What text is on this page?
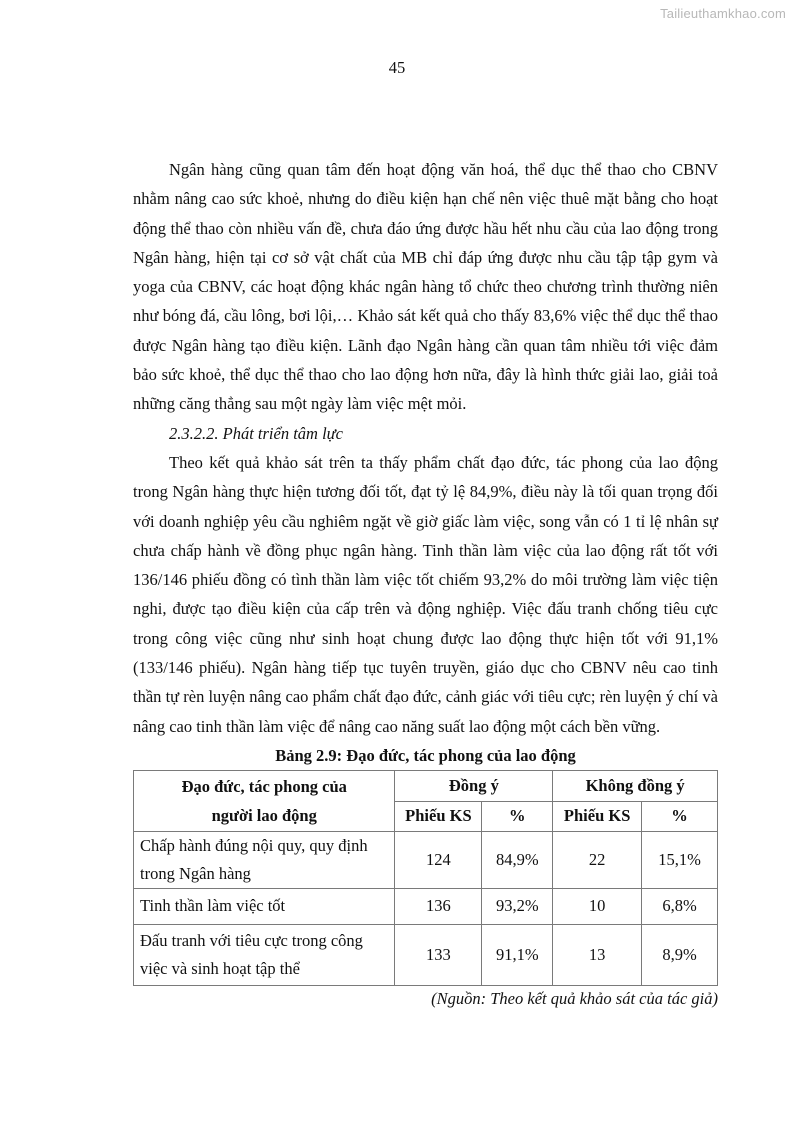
Tailieuthamkhao.com
45

Ngân hàng cũng quan tâm đến hoạt động văn hoá, thể dục thể thao cho CBNV nhằm nâng cao sức khoẻ, nhưng do điều kiện hạn chế nên việc thuê mặt bằng cho hoạt động thể thao còn nhiều vấn đề, chưa đáo ứng được hầu hết nhu cầu của lao động trong Ngân hàng, hiện tại cơ sở vật chất của MB chỉ đáp ứng được nhu cầu tập tập gym và yoga của CBNV, các hoạt động khác ngân hàng tổ chức theo chương trình thường niên như bóng đá, cầu lông, bơi lội,… Khảo sát kết quả cho thấy 83,6% việc thể dục thể thao được Ngân hàng tạo điều kiện. Lãnh đạo Ngân hàng cần quan tâm nhiều tới việc đảm bảo sức khoẻ, thể dục thể thao cho lao động hơn nữa, đây là hình thức giải lao, giải toả những căng thẳng sau một ngày làm việc mệt mỏi.

2.3.2.2. Phát triển tâm lực

Theo kết quả khảo sát trên ta thấy phẩm chất đạo đức, tác phong của lao động trong Ngân hàng thực hiện tương đối tốt, đạt tỷ lệ 84,9%, điều này là tối quan trọng đối với doanh nghiệp yêu cầu nghiêm ngặt về giờ giấc làm việc, song vẫn có 1 tỉ lệ nhân sự chưa chấp hành về đồng phục ngân hàng. Tinh thần làm việc của lao động rất tốt với 136/146 phiếu đồng có tình thần làm việc tốt chiếm 93,2% do môi trường làm việc tiện nghi, được tạo điều kiện của cấp trên và động nghiệp. Việc đấu tranh chống tiêu cực trong công việc cũng như sinh hoạt chung được lao động thực hiện tốt với 91,1% (133/146 phiếu). Ngân hàng tiếp tục tuyên truyền, giáo dục cho CBNV nêu cao tinh thần tự rèn luyện nâng cao phẩm chất đạo đức, cảnh giác với tiêu cực; rèn luyện ý chí và nâng cao tinh thần làm việc để nâng cao năng suất lao động một cách bền vững.

Bảng 2.9: Đạo đức, tác phong của lao động

Đạo đức, tác phong của người lao động	Đồng ý		Không đồng ý	
	Phiếu KS	%	Phiếu KS	%
Chấp hành đúng nội quy, quy định trong Ngân hàng	124	84,9%	22	15,1%
Tinh thần làm việc tốt	136	93,2%	10	6,8%
Đấu tranh với tiêu cực trong công việc và sinh hoạt tập thể	133	91,1%	13	8,9%

(Nguồn: Theo kết quả khảo sát của tác giả)
